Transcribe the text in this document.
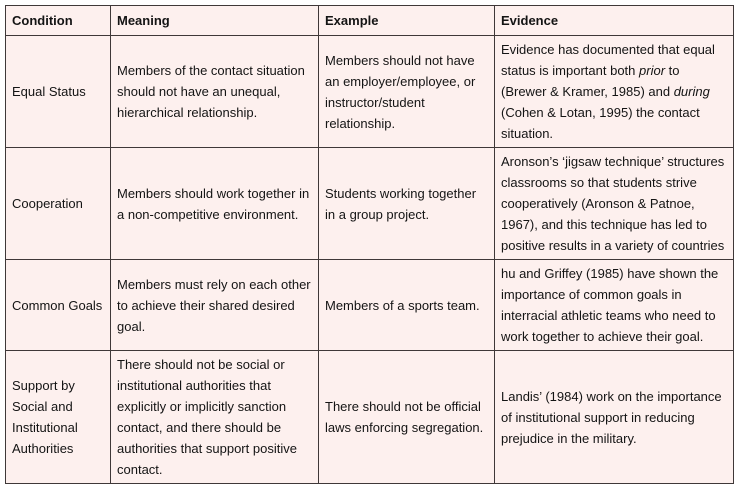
Condition	Meaning	Example	Evidence
Equal Status	Members of the contact situation should not have an unequal, hierarchical relationship.	Members should not have an employer/employee, or instructor/student relationship.	Evidence has documented that equal status is important both prior to (Brewer & Kramer, 1985) and during (Cohen & Lotan, 1995) the contact situation.
Cooperation	Members should work together in a non-competitive environment.	Students working together in a group project.	Aronson’s ‘jigsaw technique’ structures classrooms so that students strive cooperatively (Aronson & Patnoe, 1967), and this technique has led to positive results in a variety of countries
Common Goals	Members must rely on each other to achieve their shared desired goal.	Members of a sports team.	hu and Griffey (1985) have shown the importance of common goals in interracial athletic teams who need to work together to achieve their goal.
Support by Social and Institutional Authorities	There should not be social or institutional authorities that explicitly or implicitly sanction contact, and there should be authorities that support positive contact.	There should not be official laws enforcing segregation.	Landis’ (1984) work on the importance of institutional support in reducing prejudice in the military.
